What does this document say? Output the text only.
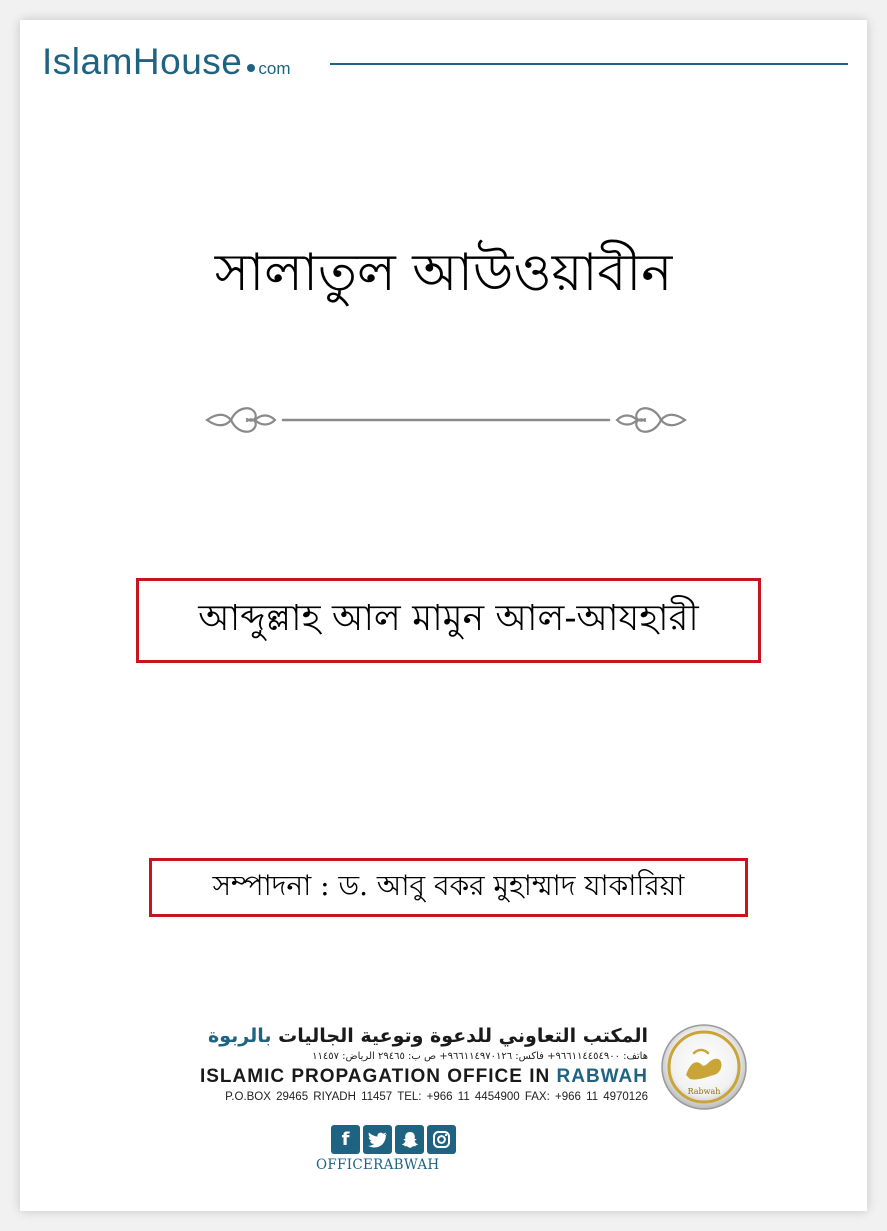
IslamHouse com
সালাতুল আউওয়াবীন
আব্দুল্লাহ আল মামুন আল-আযহারী
সম্পাদনা : ড. আবু বকর মুহাম্মাদ যাকারিয়া
المكتب التعاوني للدعوة وتوعية الجاليات بالربوة
هاتف: ٩٦٦١١٤٤٥٤٩٠٠+ فاكس: ٩٦٦١١٤٩٧٠١٢٦+ ص ب: ٢٩٤٦٥ الرياض: ١١٤٥٧
ISLAMIC PROPAGATION OFFICE IN RABWAH
P.O.BOX 29465 RIYADH 11457 TEL: +966 11 4454900 FAX: +966 11 4970126	Rabwah
f
OFFICERABWAH
